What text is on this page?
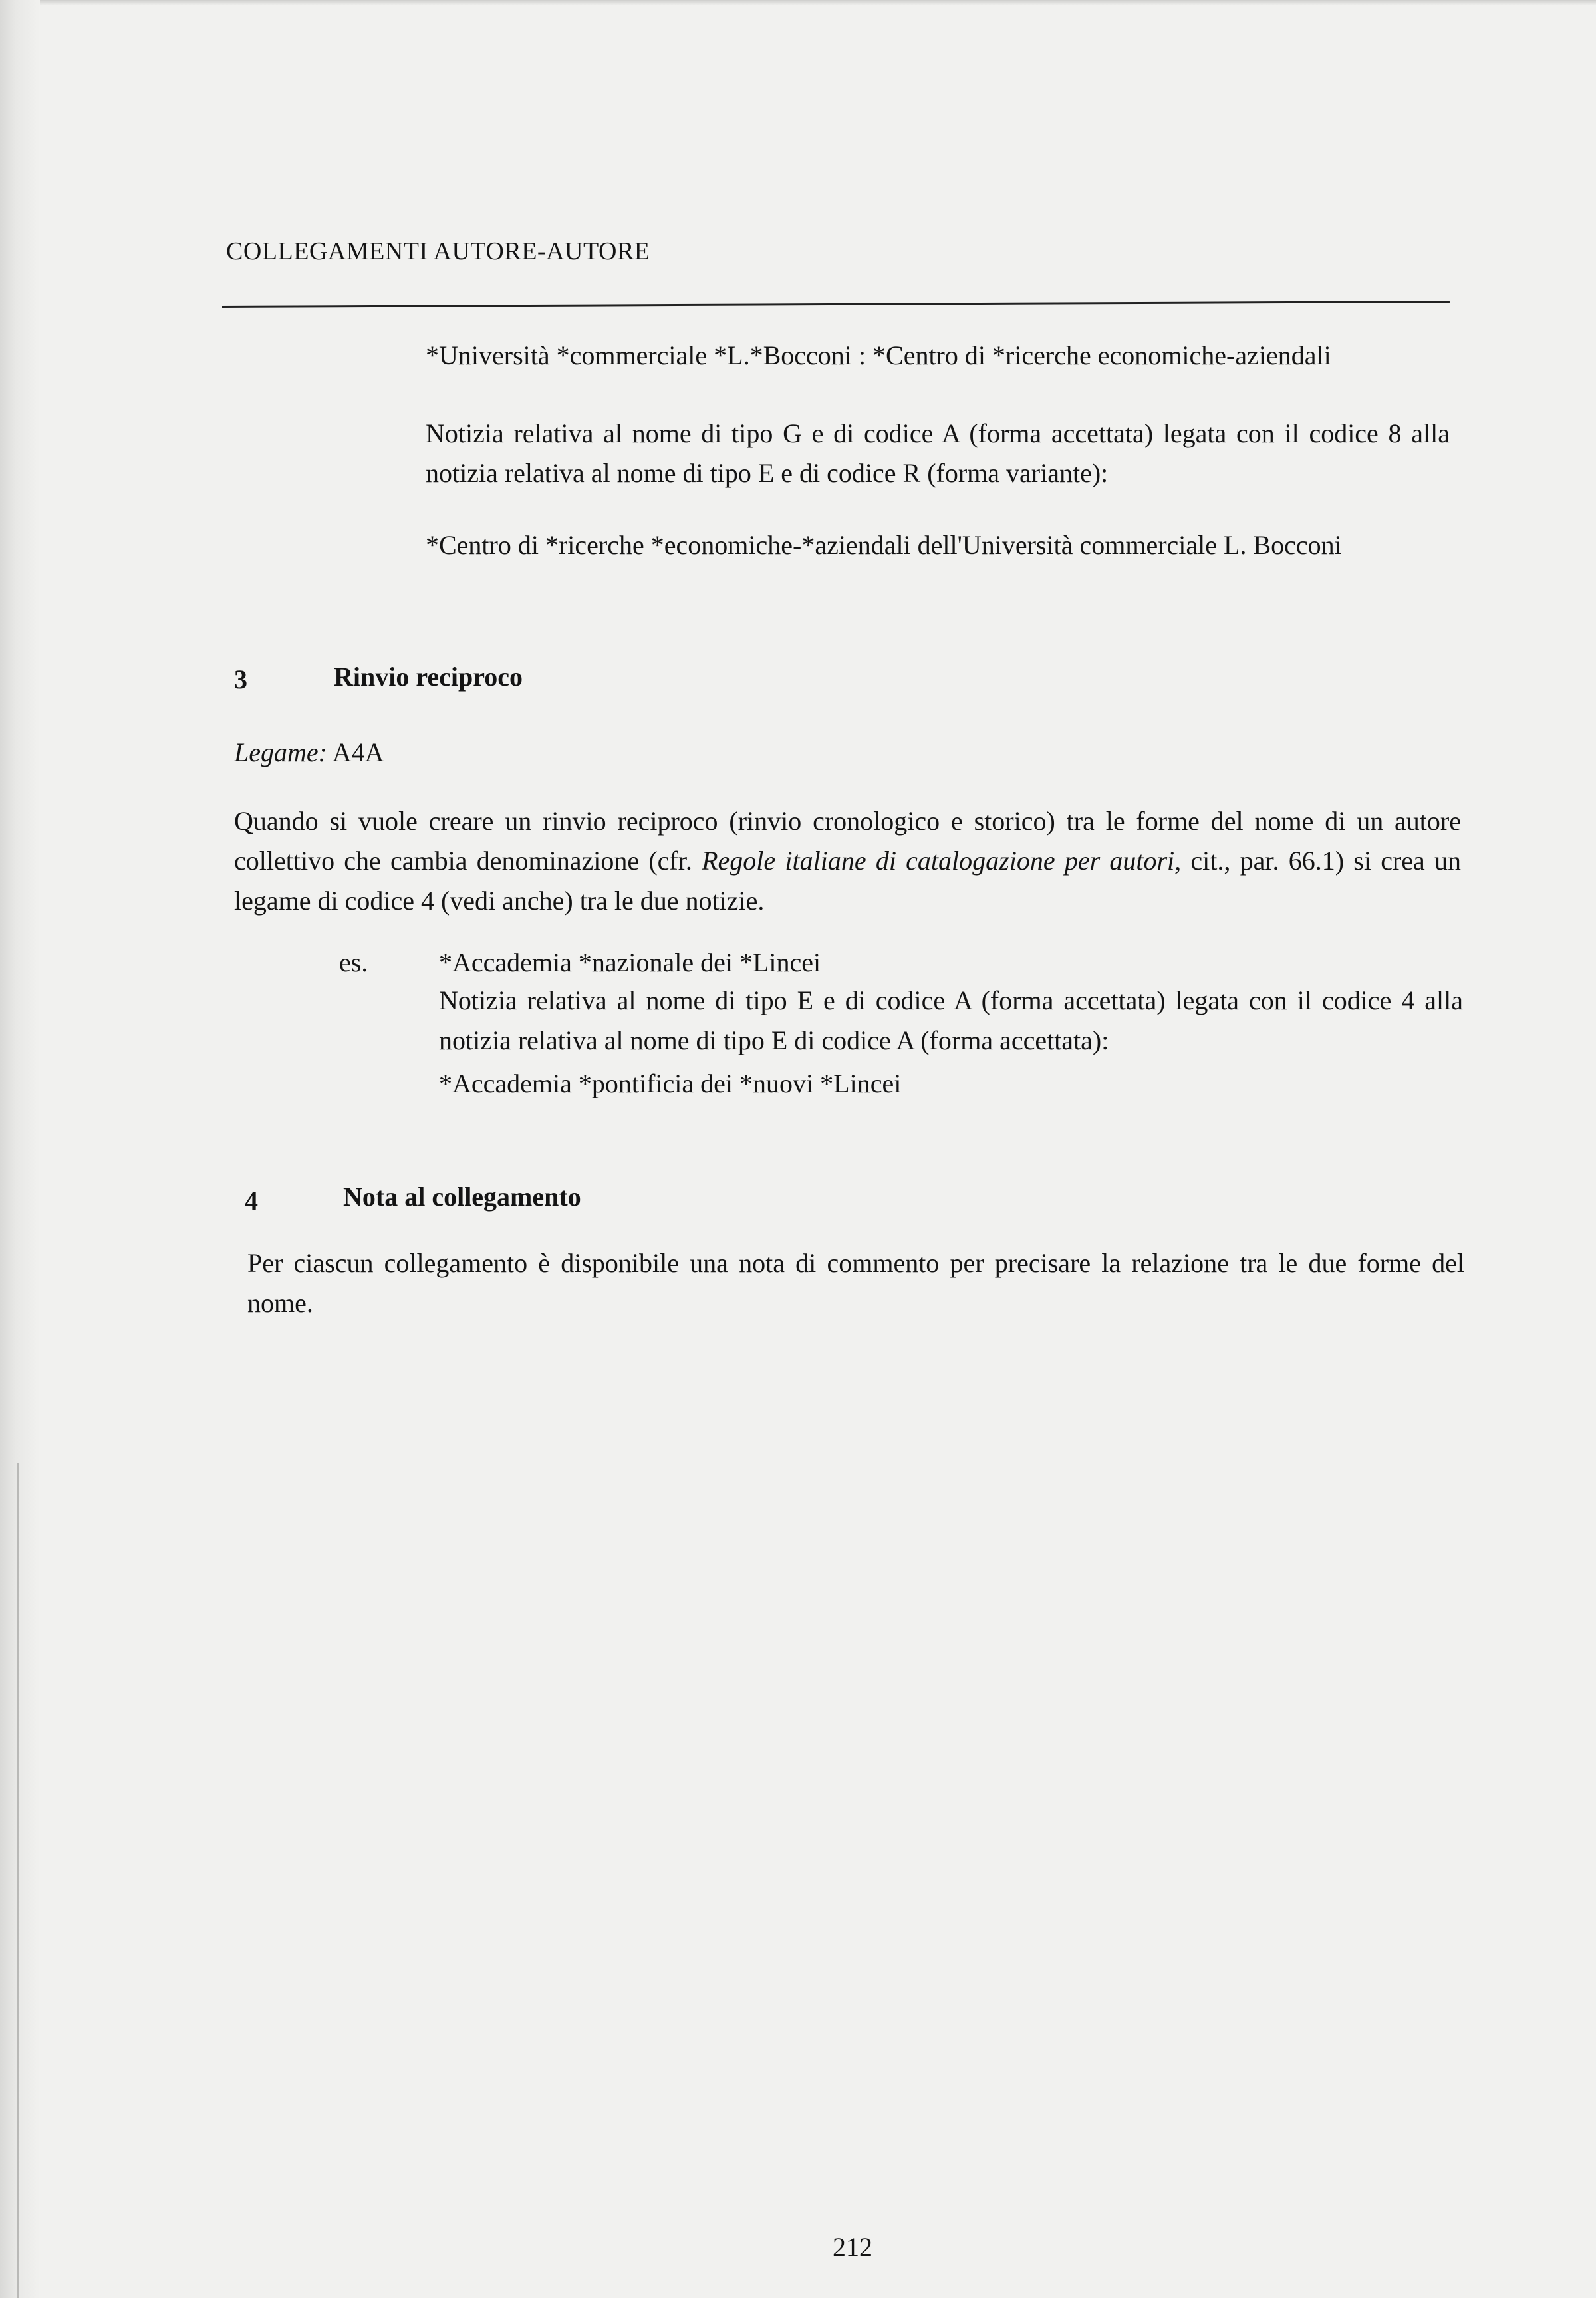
COLLEGAMENTI AUTORE-AUTORE
*Università *commerciale *L.*Bocconi : *Centro di *ricerche economiche-aziendali
Notizia relativa al nome di tipo G e di codice A (forma accettata) legata con il codice 8 alla notizia relativa al nome di tipo E e di codice R (forma variante):
*Centro di *ricerche *economiche-*aziendali dell'Università commerciale L. Bocconi
3	Rinvio reciproco
Legame: A4A
Quando si vuole creare un rinvio reciproco (rinvio cronologico e storico) tra le forme del nome di un autore collettivo che cambia denominazione (cfr. Regole italiane di catalogazione per autori, cit., par. 66.1) si crea un legame di codice 4 (vedi anche) tra le due notizie.
es.	*Accademia *nazionale dei *Lincei
Notizia relativa al nome di tipo E e di codice A (forma accettata) legata con il codice 4 alla notizia relativa al nome di tipo E di codice A (forma accettata):
*Accademia *pontificia dei *nuovi *Lincei
4	Nota al collegamento
Per ciascun collegamento è disponibile una nota di commento per precisare la relazione tra le due forme del nome.
212
